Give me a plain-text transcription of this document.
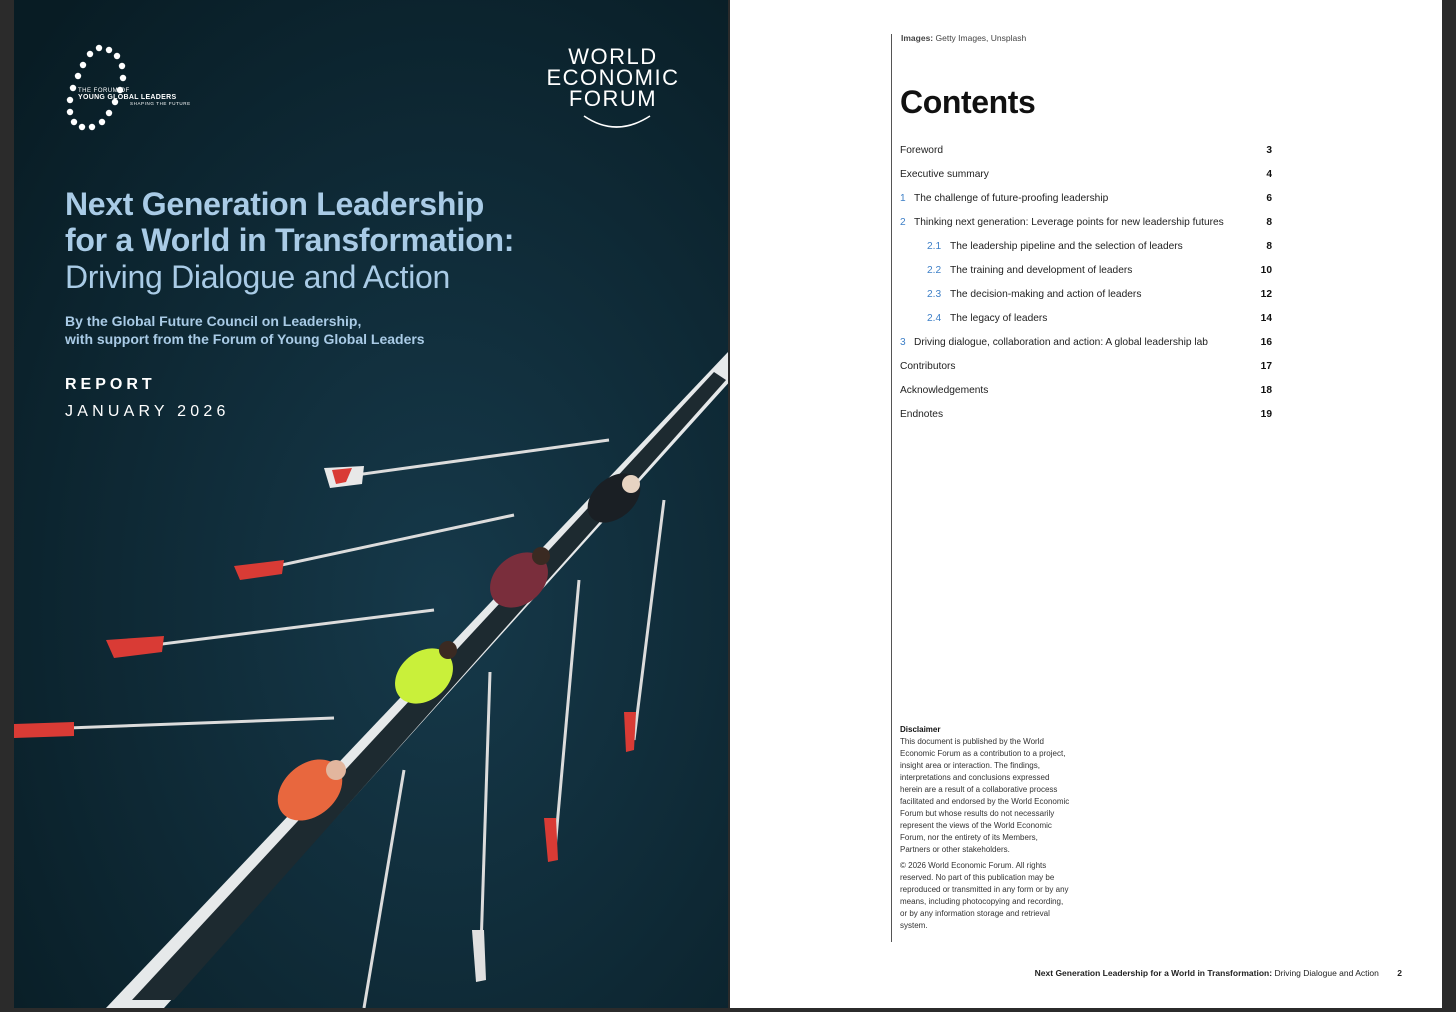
THE FORUM OF
YOUNG GLOBAL LEADERS
SHAPING THE FUTURE
WORLD
ECONOMIC
FORUM
Next Generation Leadership
for a World in Transformation:
Driving Dialogue and Action
By the Global Future Council on Leadership,
with support from the Forum of Young Global Leaders
REPORT
JANUARY 2026
Images: Getty Images, Unsplash
Contents
Foreword	3
Executive summary	4
1 The challenge of future-proofing leadership	6
2 Thinking next generation: Leverage points for new leadership futures	8
2.1 The leadership pipeline and the selection of leaders	8
2.2 The training and development of leaders	10
2.3 The decision-making and action of leaders	12
2.4 The legacy of leaders	14
3 Driving dialogue, collaboration and action: A global leadership lab	16
Contributors	17
Acknowledgements	18
Endnotes	19
Disclaimer

This document is published by the World Economic Forum as a contribution to a project, insight area or interaction. The findings, interpretations and conclusions expressed herein are a result of a collaborative process facilitated and endorsed by the World Economic Forum but whose results do not necessarily represent the views of the World Economic Forum, nor the entirety of its Members, Partners or other stakeholders.

© 2026 World Economic Forum. All rights reserved. No part of this publication may be reproduced or transmitted in any form or by any means, including photocopying and recording, or by any information storage and retrieval system.

Next Generation Leadership for a World in Transformation: Driving Dialogue and Action 2
